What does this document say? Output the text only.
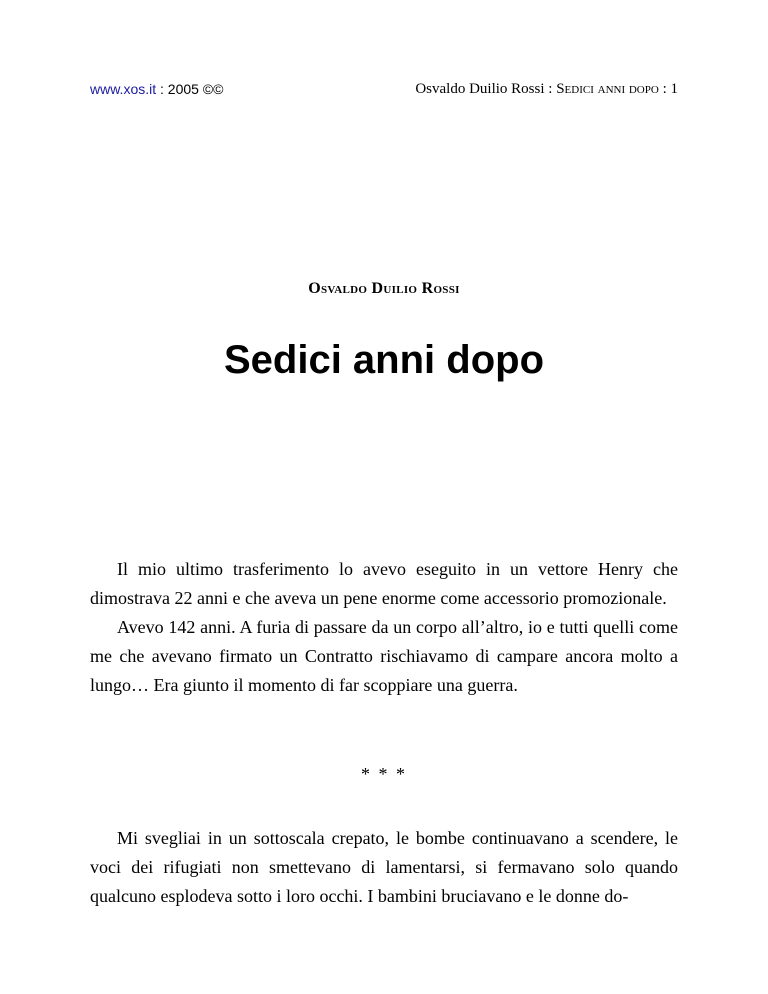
www.xos.it : 2005 ©©	Osvaldo Duilio Rossi : Sedici anni dopo : 1
Osvaldo Duilio Rossi
Sedici anni dopo

Il mio ultimo trasferimento lo avevo eseguito in un vettore Henry che dimostrava 22 anni e che aveva un pene enorme come accessorio promozionale.

Avevo 142 anni. A furia di passare da un corpo all’altro, io e tutti quelli come me che avevano firmato un Contratto rischiavamo di campare ancora molto a lungo… Era giunto il momento di far scoppiare una guerra.

* * *

Mi svegliai in un sottoscala crepato, le bombe continuavano a scendere, le voci dei rifugiati non smettevano di lamentarsi, si fermavano solo quando qualcuno esplodeva sotto i loro occhi. I bambini bruciavano e le donne do-
